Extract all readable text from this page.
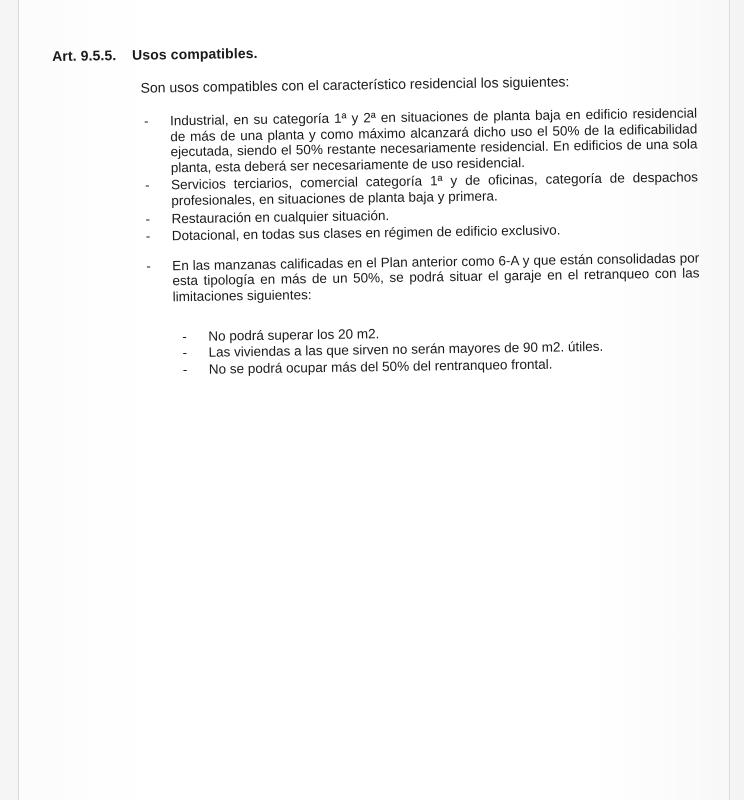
Art. 9.5.5.	Usos compatibles.
Son usos compatibles con el característico residencial los siguientes:
- Industrial, en su categoría 1ª y 2ª en situaciones de planta baja en edificio residencial de más de una planta y como máximo alcanzará dicho uso el 50% de la edificabilidad ejecutada, siendo el 50% restante necesariamente residencial. En edificios de una sola planta, esta deberá ser necesariamente de uso residencial.
- Servicios terciarios, comercial categoría 1ª y de oficinas, categoría de despachos profesionales, en situaciones de planta baja y primera.
- Restauración en cualquier situación.
- Dotacional, en todas sus clases en régimen de edificio exclusivo.
- En las manzanas calificadas en el Plan anterior como 6-A y que están consolidadas por esta tipología en más de un 50%, se podrá situar el garaje en el retranqueo con las limitaciones siguientes:
- No podrá superar los 20 m2.
- Las viviendas a las que sirven no serán mayores de 90 m2. útiles.
- No se podrá ocupar más del 50% del rentranqueo frontal.
